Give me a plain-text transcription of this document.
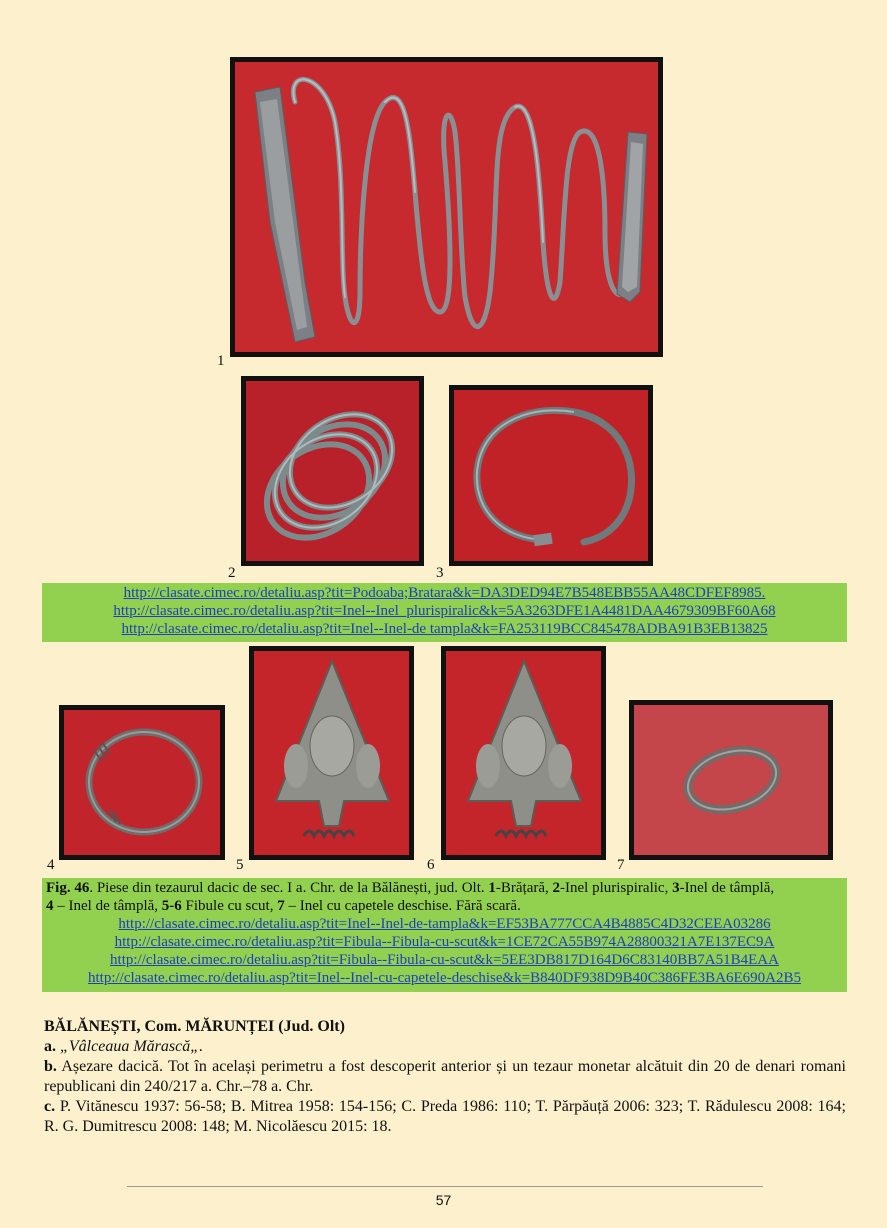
1
2	3
http://clasate.cimec.ro/detaliu.asp?tit=Podoaba;Bratara&k=DA3DED94E7B548EBB55AA48CDFEF8985.
http://clasate.cimec.ro/detaliu.asp?tit=Inel--Inel_plurispiralic&k=5A3263DFE1A4481DAA4679309BF60A68
http://clasate.cimec.ro/detaliu.asp?tit=Inel--Inel-de tampla&k=FA253119BCC845478ADBA91B3EB13825
4	5	6	7
Fig. 46. Piese din tezaurul dacic de sec. I a. Chr. de la Bălănești, jud. Olt. 1-Brățară, 2-Inel plurispiralic, 3-Inel de tâmplă,
4 – Inel de tâmplă, 5-6 Fibule cu scut, 7 – Inel cu capetele deschise. Fără scară.
http://clasate.cimec.ro/detaliu.asp?tit=Inel--Inel-de-tampla&k=EF53BA777CCA4B4885C4D32CEEA03286
http://clasate.cimec.ro/detaliu.asp?tit=Fibula--Fibula-cu-scut&k=1CE72CA55B974A28800321A7E137EC9A
http://clasate.cimec.ro/detaliu.asp?tit=Fibula--Fibula-cu-scut&k=5EE3DB817D164D6C83140BB7A51B4EAA
http://clasate.cimec.ro/detaliu.asp?tit=Inel--Inel-cu-capetele-deschise&k=B840DF938D9B40C386FE3BA6E690A2B5
BĂLĂNEȘTI, Com. MĂRUNȚEI (Jud. Olt)
a. „Vâlceaua Mărască„.
b. Așezare dacică. Tot în același perimetru a fost descoperit anterior și un tezaur monetar alcătuit din 20 de denari romani republicani din 240/217 a. Chr.–78 a. Chr.
c. P. Vitănescu 1937: 56-58; B. Mitrea 1958: 154-156; C. Preda 1986: 110; T. Părpăuță 2006: 323; T. Rădulescu 2008: 164; R. G. Dumitrescu 2008: 148; M. Nicolăescu 2015: 18.
57
